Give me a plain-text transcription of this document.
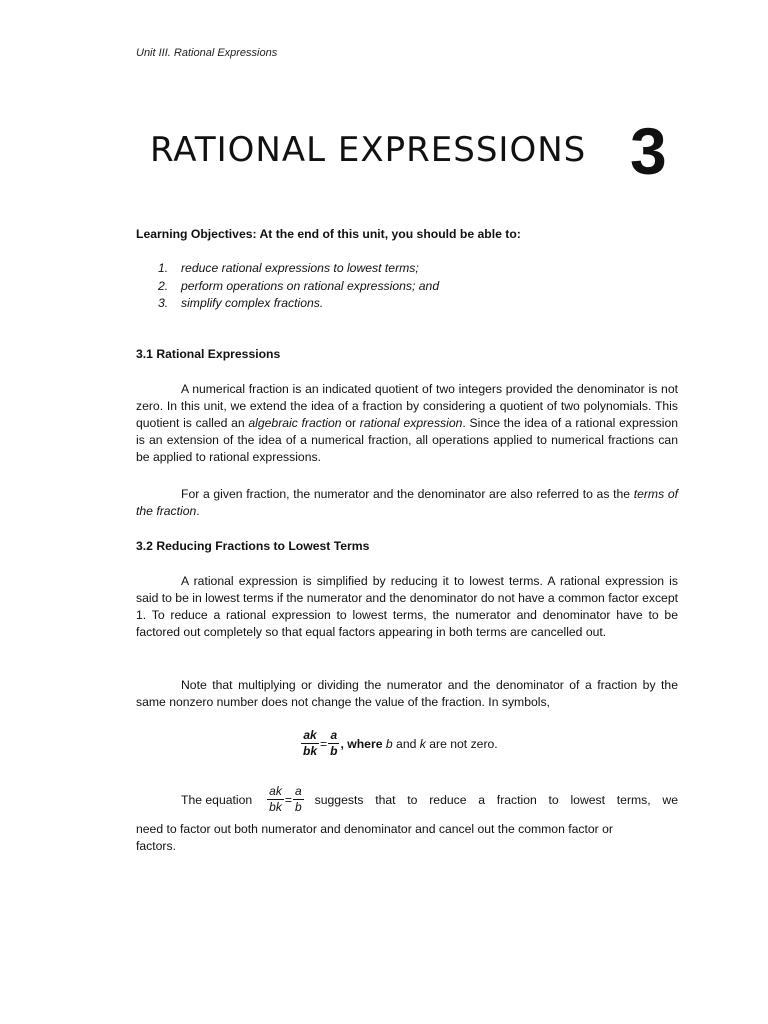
Unit III. Rational Expressions
RATIONAL EXPRESSIONS 3
Learning Objectives: At the end of this unit, you should be able to:
1.	reduce rational expressions to lowest terms;
2.	perform operations on rational expressions; and
3.	simplify complex fractions.
3.1 Rational Expressions
A numerical fraction is an indicated quotient of two integers provided the denominator is not zero. In this unit, we extend the idea of a fraction by considering a quotient of two polynomials. This quotient is called an algebraic fraction or rational expression. Since the idea of a rational expression is an extension of the idea of a numerical fraction, all operations applied to numerical fractions can be applied to rational expressions.
For a given fraction, the numerator and the denominator are also referred to as the terms of the fraction.
3.2 Reducing Fractions to Lowest Terms
A rational expression is simplified by reducing it to lowest terms. A rational expression is said to be in lowest terms if the numerator and the denominator do not have a common factor except 1. To reduce a rational expression to lowest terms, the numerator and denominator have to be factored out completely so that equal factors appearing in both terms are cancelled out.
Note that multiplying or dividing the numerator and the denominator of a fraction by the same nonzero number does not change the value of the fraction. In symbols,
$\frac{ak}{bk} = \frac{a}{b}$ , where b and k are not zero.
The equation $\frac{ak}{bk} = \frac{a}{b}$ suggests that to reduce a fraction to lowest terms, we
need to factor out both numerator and denominator and cancel out the common factor or factors.
